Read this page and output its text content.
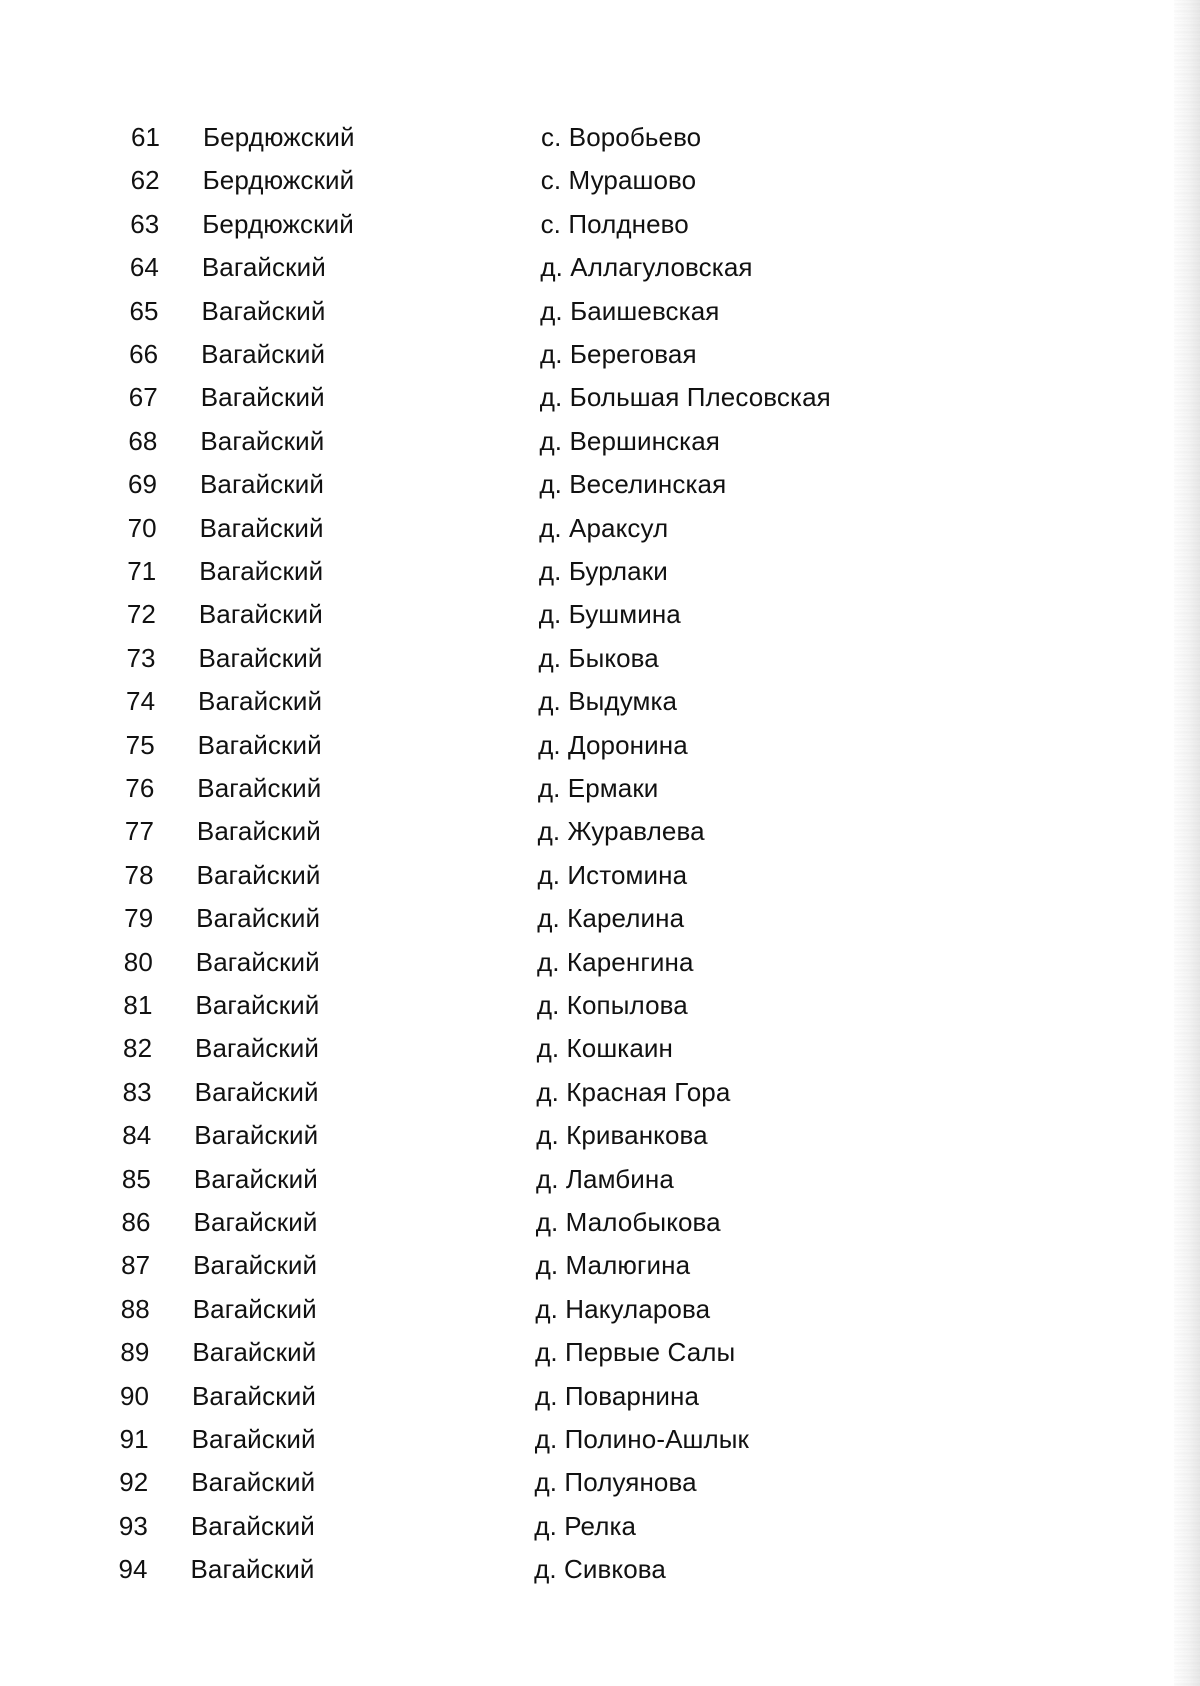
61	Бердюжский	с. Воробьево
62	Бердюжский	с. Мурашово
63	Бердюжский	с. Полднево
64	Вагайский	д. Аллагуловская
65	Вагайский	д. Баишевская
66	Вагайский	д. Береговая
67	Вагайский	д. Большая Плесовская
68	Вагайский	д. Вершинская
69	Вагайский	д. Веселинская
70	Вагайский	д. Араксул
71	Вагайский	д. Бурлаки
72	Вагайский	д. Бушмина
73	Вагайский	д. Быкова
74	Вагайский	д. Выдумка
75	Вагайский	д. Доронина
76	Вагайский	д. Ермаки
77	Вагайский	д. Журавлева
78	Вагайский	д. Истомина
79	Вагайский	д. Карелина
80	Вагайский	д. Каренгина
81	Вагайский	д. Копылова
82	Вагайский	д. Кошкаин
83	Вагайский	д. Красная Гора
84	Вагайский	д. Криванкова
85	Вагайский	д. Ламбина
86	Вагайский	д. Малобыкова
87	Вагайский	д. Малюгина
88	Вагайский	д. Накуларова
89	Вагайский	д. Первые Салы
90	Вагайский	д. Поварнина
91	Вагайский	д. Полино-Ашлык
92	Вагайский	д. Полуянова
93	Вагайский	д. Релка
94	Вагайский	д. Сивкова
